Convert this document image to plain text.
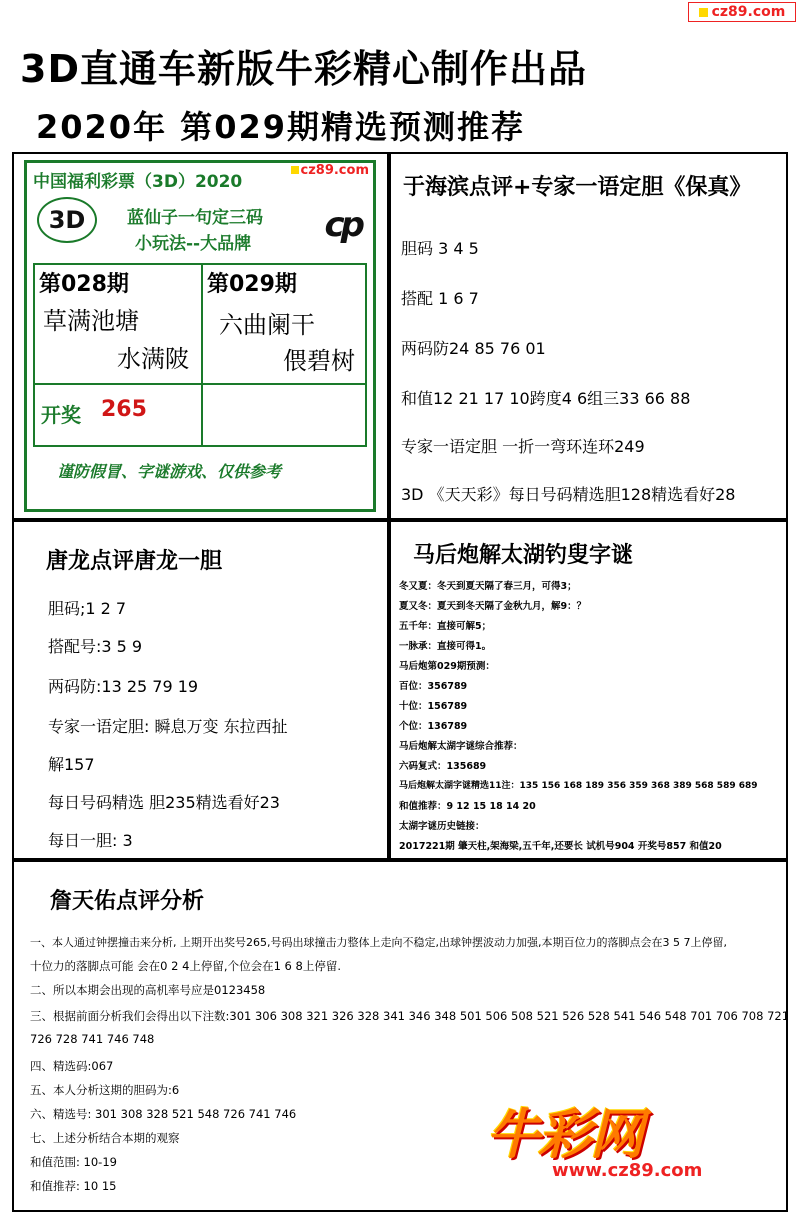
cz89.com
3D直通车新版牛彩精心制作出品
2020年 第029期精选预测推荐
中国福利彩票（3D）2020
cz89.com
3D	蓝仙子一句定三码
小玩法--大品牌 cp
第028期
草满池塘
水满陂
第029期
六曲阑干
偎碧树
开奖 265
谨防假冒、字谜游戏、仅供参考
于海滨点评+专家一语定胆《保真》
胆码 3 4 5
搭配 1 6 7
两码防24 85 76 01
和值12 21 17 10跨度4 6组三33 66 88
专家一语定胆 一折一弯环连环249
3D 《天天彩》每日号码精选胆128精选看好28
唐龙点评唐龙一胆
胆码;1 2 7
搭配号:3 5 9
两码防:13 25 79 19
专家一语定胆: 瞬息万变 东拉西扯
解157
每日号码精选 胆235精选看好23
每日一胆: 3
马后炮解太湖钓叟字谜
冬又夏：冬天到夏天隔了春三月，可得3；
夏又冬：夏天到冬天隔了金秋九月，解9：？
五千年：直接可解5；
一脉承：直接可得1。
马后炮第029期预测：
百位：356789
十位：156789
个位：136789
马后炮解太湖字谜综合推荐：
六码复式：135689
马后炮解太湖字谜精选11注：135 156 168 189 356 359 368 389 568 589 689
和值推荐：9 12 15 18 14 20
太湖字谜历史链接：
2017221期 肇天柱,架海梁,五千年,还要长 试机号904 开奖号857 和值20
詹天佑点评分析
一、本人通过钟摆撞击来分析, 上期开出奖号265,号码出球撞击力整体上走向不稳定,出球钟摆波动力加强,本期百位力的落脚点会在3 5 7上停留,
十位力的落脚点可能 会在0 2 4上停留,个位会在1 6 8上停留.
二、所以本期会出现的高机率号应是0123458
三、根据前面分析我们会得出以下注数:301 306 308 321 326 328 341 346 348 501 506 508 521 526 528 541 546 548 701 706 708 721
726 728 741 746 748
四、精选码:067
五、本人分析这期的胆码为:6
六、精选号: 301 308 328 521 548 726 741 746
七、上述分析结合本期的观察
和值范围: 10-19
和值推荐: 10 15
牛彩网
www.cz89.com
